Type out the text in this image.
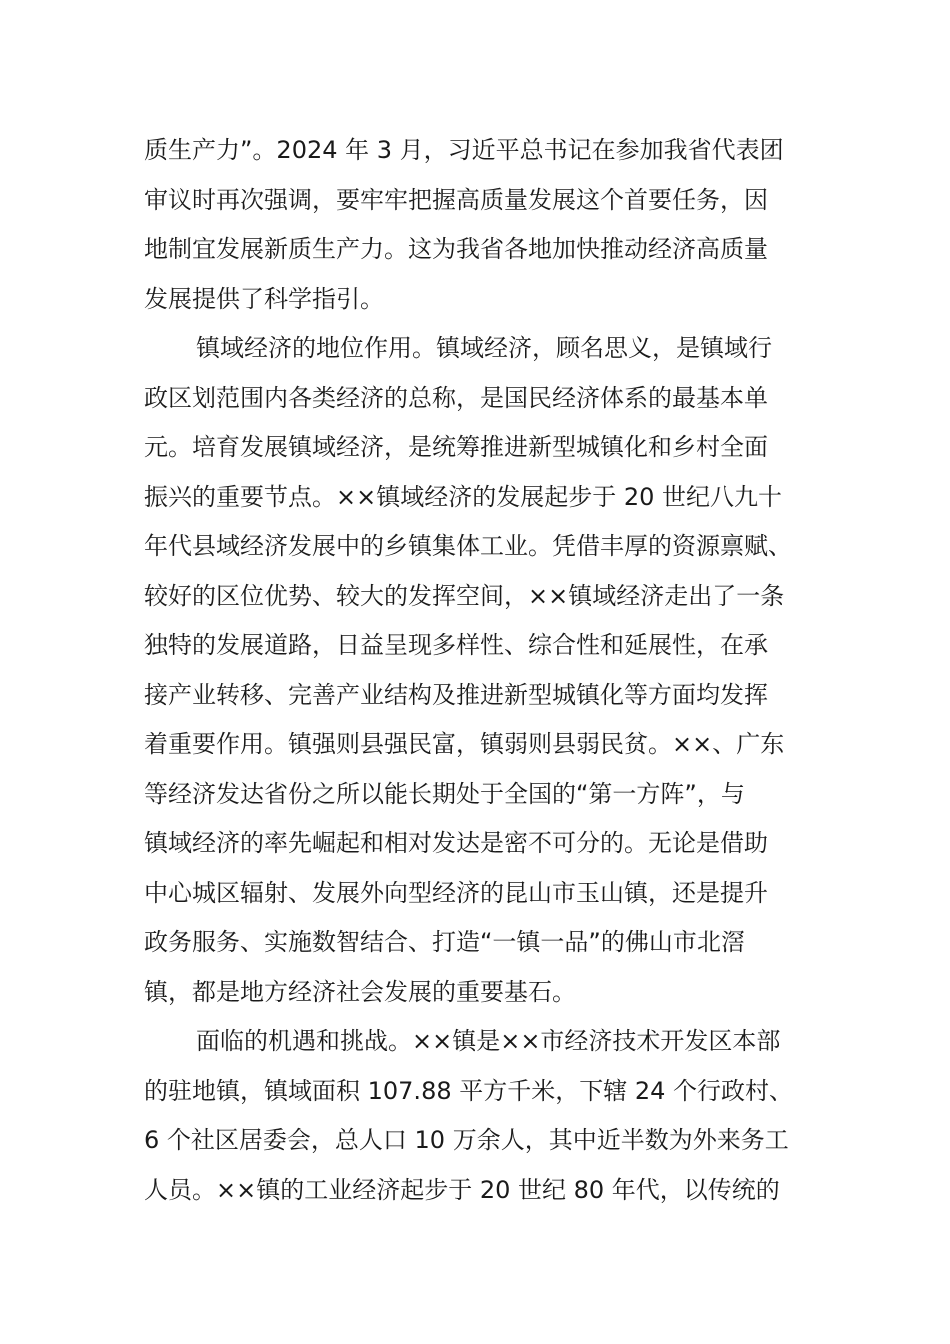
质生产力”。2024 年 3 月，习近平总书记在参加我省代表团
审议时再次强调，要牢牢把握高质量发展这个首要任务，因
地制宜发展新质生产力。这为我省各地加快推动经济高质量
发展提供了科学指引。
镇域经济的地位作用。镇域经济，顾名思义，是镇域行
政区划范围内各类经济的总称，是国民经济体系的最基本单
元。培育发展镇域经济，是统筹推进新型城镇化和乡村全面
振兴的重要节点。××镇域经济的发展起步于 20 世纪八九十
年代县域经济发展中的乡镇集体工业。凭借丰厚的资源禀赋、
较好的区位优势、较大的发挥空间，××镇域经济走出了一条
独特的发展道路，日益呈现多样性、综合性和延展性，在承
接产业转移、完善产业结构及推进新型城镇化等方面均发挥
着重要作用。镇强则县强民富，镇弱则县弱民贫。××、广东
等经济发达省份之所以能长期处于全国的“第一方阵”，与
镇域经济的率先崛起和相对发达是密不可分的。无论是借助
中心城区辐射、发展外向型经济的昆山市玉山镇，还是提升
政务服务、实施数智结合、打造“一镇一品”的佛山市北滘
镇，都是地方经济社会发展的重要基石。
面临的机遇和挑战。××镇是××市经济技术开发区本部
的驻地镇，镇域面积 107.88 平方千米，下辖 24 个行政村、
6 个社区居委会，总人口 10 万余人，其中近半数为外来务工
人员。××镇的工业经济起步于 20 世纪 80 年代，以传统的
